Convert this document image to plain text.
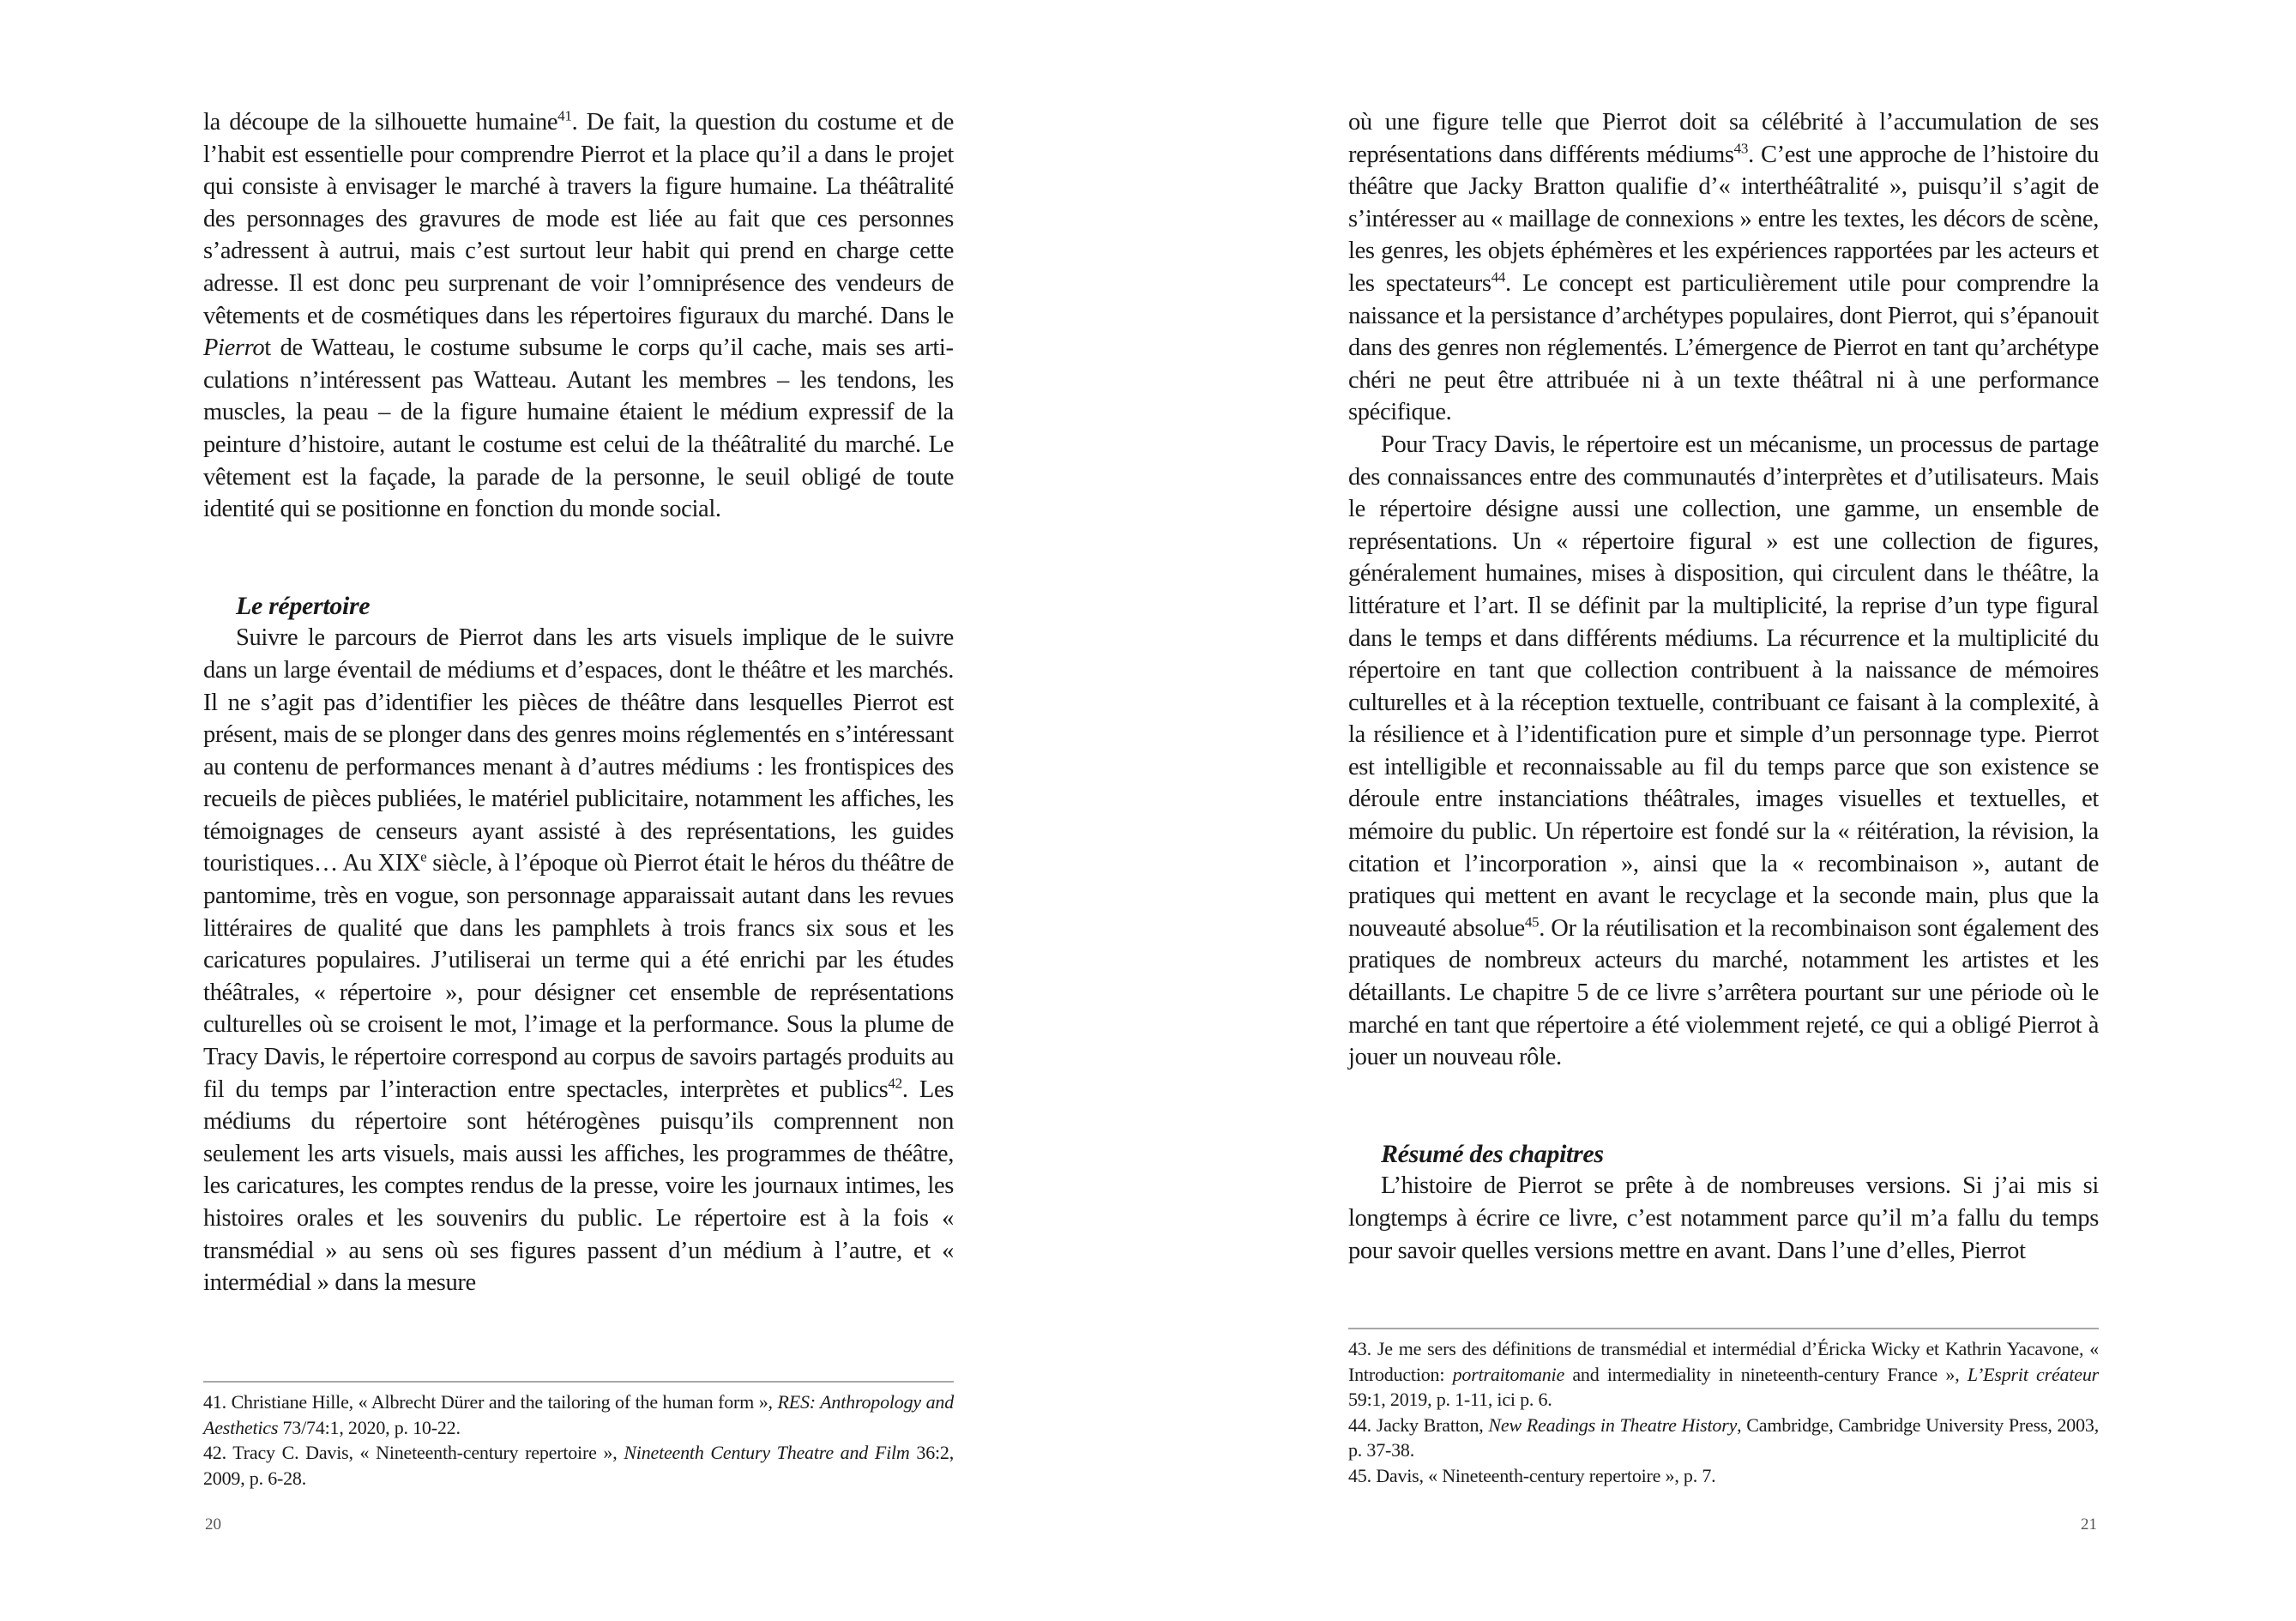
la découpe de la silhouette humaine$^{41}$. De fait, la question du costume et de l’habit est essentielle pour comprendre Pierrot et la place qu’il a dans le projet qui consiste à envisager le marché à travers la figure humaine. La théâtralité des personnages des gravures de mode est liée au fait que ces personnes s’adressent à autrui, mais c’est surtout leur habit qui prend en charge cette adresse. Il est donc peu surprenant de voir l’omniprésence des vendeurs de vêtements et de cosmétiques dans les répertoires figuraux du marché. Dans le Pierrot de Watteau, le costume subsume le corps qu’il cache, mais ses articulations n’intéressent pas Watteau. Autant les membres – les tendons, les muscles, la peau – de la figure humaine étaient le médium expressif de la peinture d’histoire, autant le costume est celui de la théâtralité du marché. Le vêtement est la façade, la parade de la personne, le seuil obligé de toute identité qui se positionne en fonction du monde social.

Le répertoire

Suivre le parcours de Pierrot dans les arts visuels implique de le suivre dans un large éventail de médiums et d’espaces, dont le théâtre et les marchés. Il ne s’agit pas d’identifier les pièces de théâtre dans lesquelles Pierrot est présent, mais de se plonger dans des genres moins réglementés en s’intéressant au contenu de performances menant à d’autres médiums : les frontispices des recueils de pièces publiées, le matériel publicitaire, notamment les affiches, les témoignages de censeurs ayant assisté à des représentations, les guides touristiques… Au XIXe siècle, à l’époque où Pierrot était le héros du théâtre de pantomime, très en vogue, son personnage apparaissait autant dans les revues littéraires de qualité que dans les pamphlets à trois francs six sous et les caricatures populaires. J’utiliserai un terme qui a été enrichi par les études théâtrales, « répertoire », pour désigner cet ensemble de représentations culturelles où se croisent le mot, l’image et la performance. Sous la plume de Tracy Davis, le répertoire correspond au corpus de savoirs partagés produits au fil du temps par l’interaction entre spectacles, interprètes et publics$^{42}$. Les médiums du répertoire sont hétérogènes puisqu’ils comprennent non seulement les arts visuels, mais aussi les affiches, les programmes de théâtre, les caricatures, les comptes rendus de la presse, voire les journaux intimes, les histoires orales et les souvenirs du public. Le répertoire est à la fois « transmédial » au sens où ses figures passent d’un médium à l’autre, et « intermédial » dans la mesure

41. Christiane Hille, « Albrecht Dürer and the tailoring of the human form », RES: Anthropology and Aesthetics 73/74:1, 2020, p. 10-22.

42. Tracy C. Davis, « Nineteenth-century repertoire », Nineteenth Century Theatre and Film 36:2, 2009, p. 6-28.

20

où une figure telle que Pierrot doit sa célébrité à l’accumulation de ses représentations dans différents médiums$^{43}$. C’est une approche de l’histoire du théâtre que Jacky Bratton qualifie d’« interthéâtralité », puisqu’il s’agit de s’intéresser au « maillage de connexions » entre les textes, les décors de scène, les genres, les objets éphémères et les expériences rapportées par les acteurs et les spectateurs$^{44}$. Le concept est particulièrement utile pour comprendre la naissance et la persistance d’archétypes populaires, dont Pierrot, qui s’épanouit dans des genres non réglementés. L’émergence de Pierrot en tant qu’archétype chéri ne peut être attribuée ni à un texte théâtral ni à une performance spécifique.

Pour Tracy Davis, le répertoire est un mécanisme, un processus de partage des connaissances entre des communautés d’interprètes et d’utilisateurs. Mais le répertoire désigne aussi une collection, une gamme, un ensemble de représentations. Un « répertoire figural » est une collection de figures, généralement humaines, mises à disposition, qui circulent dans le théâtre, la littérature et l’art. Il se définit par la multiplicité, la reprise d’un type figural dans le temps et dans différents médiums. La récurrence et la multiplicité du répertoire en tant que collection contribuent à la naissance de mémoires culturelles et à la réception textuelle, contribuant ce faisant à la complexité, à la résilience et à l’identification pure et simple d’un personnage type. Pierrot est intelligible et reconnaissable au fil du temps parce que son existence se déroule entre instanciations théâtrales, images visuelles et textuelles, et mémoire du public. Un répertoire est fondé sur la « réitération, la révision, la citation et l’incorporation », ainsi que la « recombinaison », autant de pratiques qui mettent en avant le recyclage et la seconde main, plus que la nouveauté absolue$^{45}$. Or la réutilisation et la recombinaison sont également des pratiques de nombreux acteurs du marché, notamment les artistes et les détaillants. Le chapitre 5 de ce livre s’arrêtera pourtant sur une période où le marché en tant que répertoire a été violemment rejeté, ce qui a obligé Pierrot à jouer un nouveau rôle.

Résumé des chapitres

L’histoire de Pierrot se prête à de nombreuses versions. Si j’ai mis si longtemps à écrire ce livre, c’est notamment parce qu’il m’a fallu du temps pour savoir quelles versions mettre en avant. Dans l’une d’elles, Pierrot

43. Je me sers des définitions de transmédial et intermédial d’Éricka Wicky et Kathrin Yacavone, « Introduction: portraitomanie and intermediality in nineteenth-century France », L’Esprit créateur 59:1, 2019, p. 1-11, ici p. 6.

44. Jacky Bratton, New Readings in Theatre History, Cambridge, Cambridge University Press, 2003, p. 37-38.

45. Davis, « Nineteenth-century repertoire », p. 7.

21
